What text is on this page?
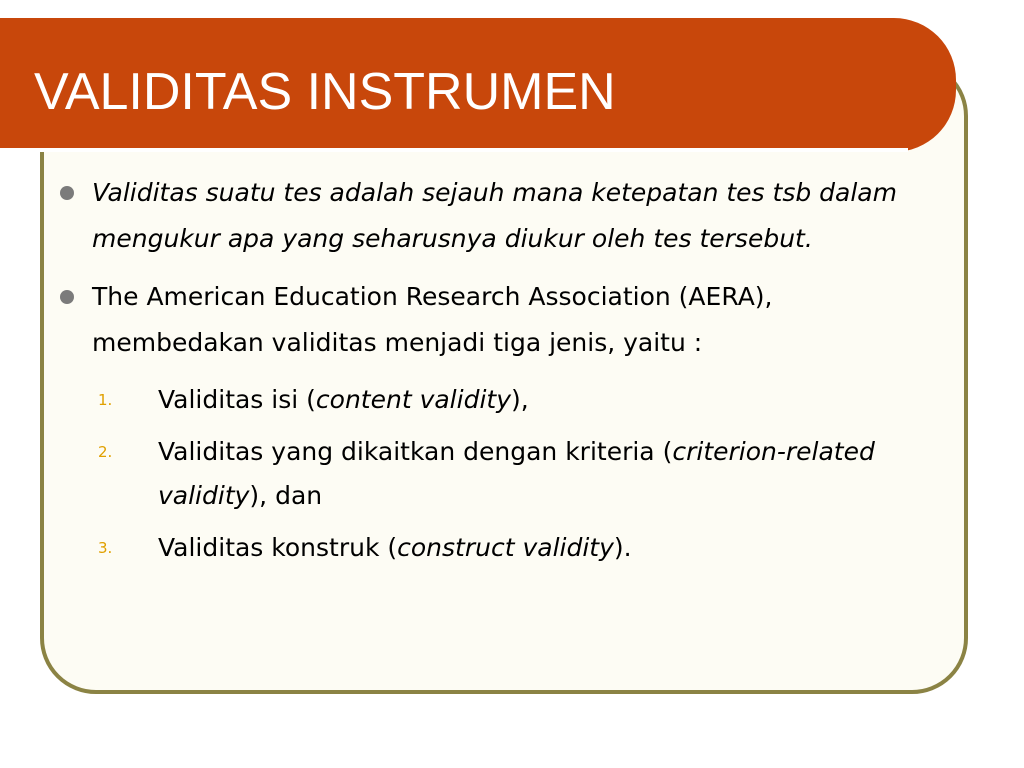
VALIDITAS INSTRUMEN
Validitas suatu tes adalah sejauh mana ketepatan tes tsb dalam mengukur apa yang seharusnya diukur oleh tes tersebut.
The American Education Research Association (AERA), membedakan validitas menjadi tiga jenis, yaitu :
1. Validitas isi (content validity),
2. Validitas yang dikaitkan dengan kriteria (criterion-related validity), dan
3. Validitas konstruk (construct validity).
